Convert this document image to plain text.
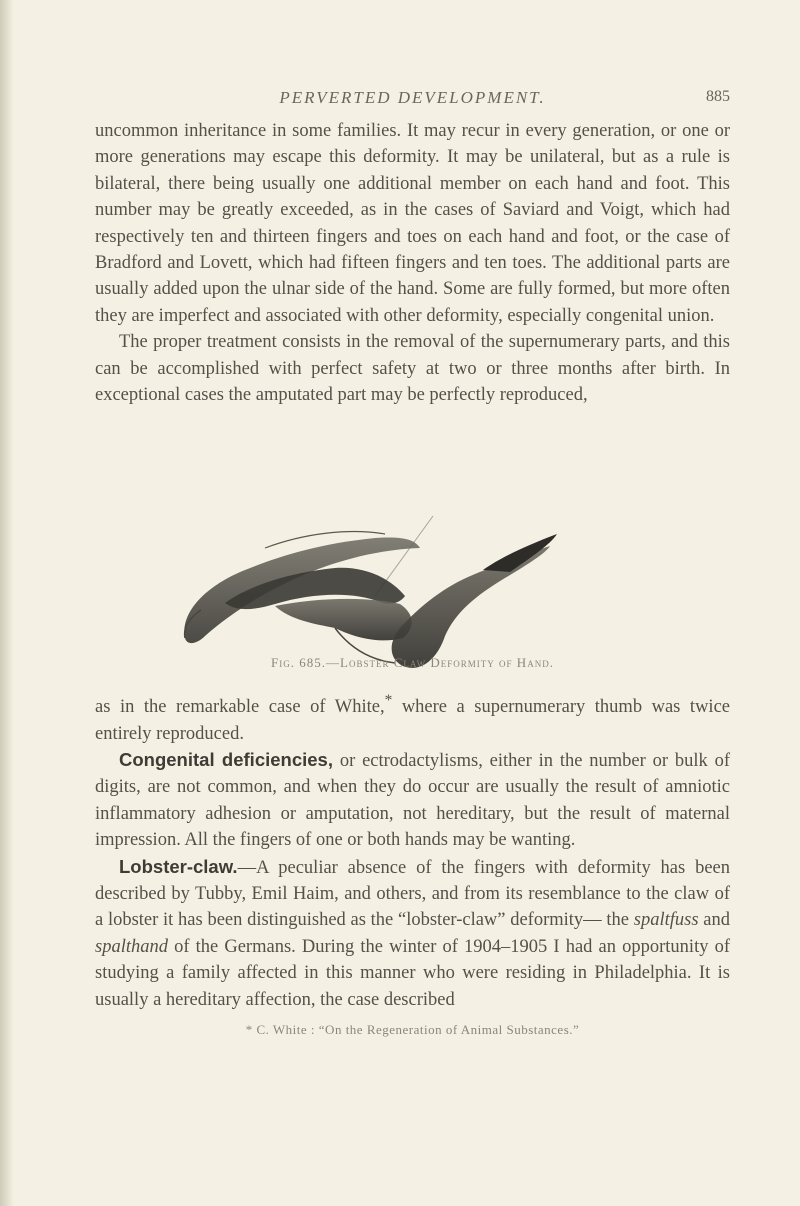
PERVERTED DEVELOPMENT.	885

uncommon inheritance in some families. It may recur in every generation, or one or more generations may escape this deformity. It may be unilateral, but as a rule is bilateral, there being usually one additional member on each hand and foot. This number may be greatly exceeded, as in the cases of Saviard and Voigt, which had respectively ten and thirteen fingers and toes on each hand and foot, or the case of Bradford and Lovett, which had fifteen fingers and ten toes. The additional parts are usually added upon the ulnar side of the hand. Some are fully formed, but more often they are imperfect and associated with other deformity, especially congenital union.

The proper treatment consists in the removal of the supernumerary parts, and this can be accomplished with perfect safety at two or three months after birth. In exceptional cases the amputated part may be perfectly reproduced,

Fig. 685.—Lobster Claw Deformity of Hand.

as in the remarkable case of White,* where a supernumerary thumb was twice entirely reproduced.

Congenital deficiencies, or ectrodactylisms, either in the number or bulk of digits, are not common, and when they do occur are usually the result of amniotic inflammatory adhesion or amputation, not hereditary, but the result of maternal impression. All the fingers of one or both hands may be wanting.

Lobster-claw.—A peculiar absence of the fingers with deformity has been described by Tubby, Emil Haim, and others, and from its resemblance to the claw of a lobster it has been distinguished as the “lobster-claw” deformity— the spaltfuss and spalthand of the Germans. During the winter of 1904–1905 I had an opportunity of studying a family affected in this manner who were residing in Philadelphia. It is usually a hereditary affection, the case described

* C. White : “On the Regeneration of Animal Substances.”
